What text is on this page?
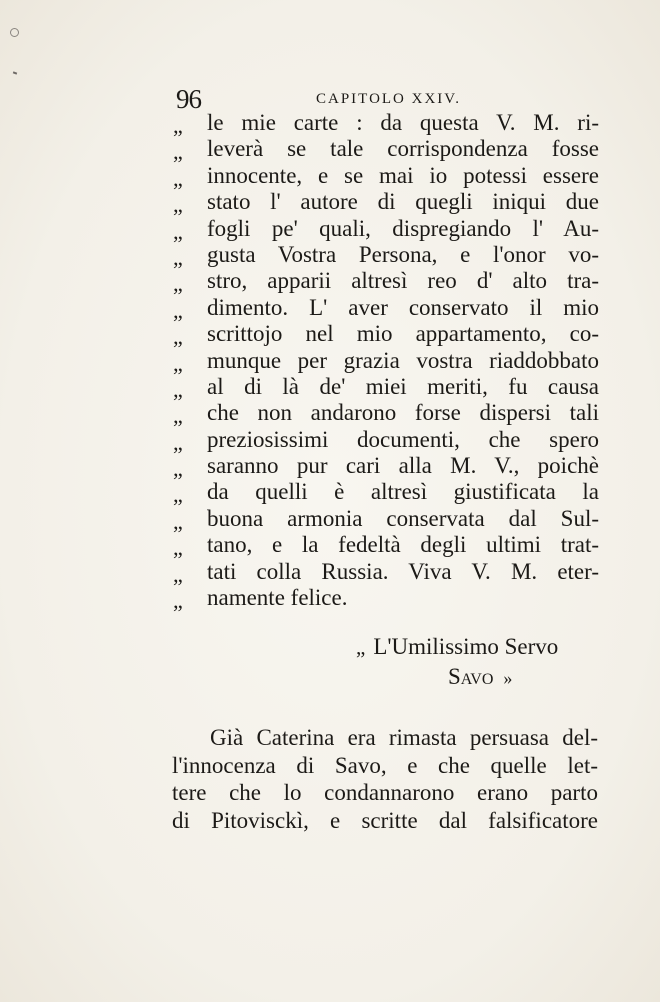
96	CAPITOLO XXIV.
„ le mie carte : da questa V. M. ri-
„ leverà se tale corrispondenza fosse
„ innocente, e se mai io potessi essere
„ stato l' autore di quegli iniqui due
„ fogli pe' quali, dispregiando l' Au-
„ gusta Vostra Persona, e l'onor vo-
„ stro, apparii altresì reo d' alto tra-
„ dimento. L' aver conservato il mio
„ scrittojo nel mio appartamento, co-
„ munque per grazia vostra riaddobbato
„ al di là de' miei meriti, fu causa
„ che non andarono forse dispersi tali
„ preziosissimi documenti, che spero
„ saranno pur cari alla M. V., poichè
„ da quelli è altresì giustificata la
„ buona armonia conservata dal Sul-
„ tano, e la fedeltà degli ultimi trat-
„ tati colla Russia. Viva V. M. eter-
„ namente felice.
„ L'Umilissimo Servo
Savo »
Già Caterina era rimasta persuasa del-
l'innocenza di Savo, e che quelle let-
tere che lo condannarono erano parto
di Pitovisckì, e scritte dal falsificatore
